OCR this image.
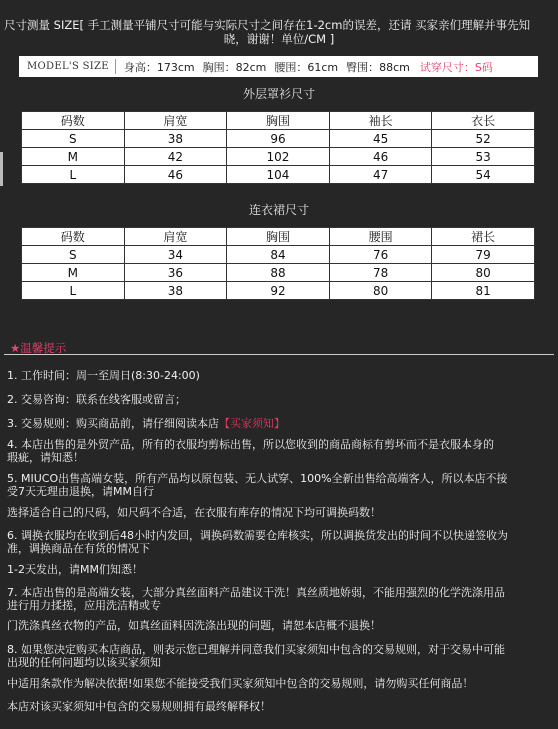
尺寸测量 SIZE[ 手工测量平铺尺寸可能与实际尺寸之间存在1-2cm的误差，还请 买家亲们理解并事先知
晓，谢谢！单位/CM ]
MODEL'S SIZE	身高：173cm 胸围：82cm 腰围：61cm 臀围：88cm 试穿尺寸：S码
外层罩衫尺寸
码数	肩宽	胸围	袖长	衣长
S	38	96	45	52
M	42	102	46	53
L	46	104	47	54
连衣裙尺寸
码数	肩宽	胸围	腰围	裙长
S	34	84	76	79
M	36	88	78	80
L	38	92	80	81
★温馨提示
1. 工作时间：周一至周日(8:30-24:00)
2. 交易咨询：联系在线客服或留言；
3. 交易规则：购买商品前，请仔细阅读本店【买家须知】
4. 本店出售的是外贸产品，所有的衣服均剪标出售，所以您收到的商品商标有剪坏而不是衣服本身的
瑕疵，请知悉！
5. MIUCO出售高端女装，所有产品均以原包装、无人试穿、100%全新出售给高端客人，所以本店不接
受7天无理由退换，请MM自行
选择适合自己的尺码，如尺码不合适，在衣服有库存的情况下均可调换码数！
6. 调换衣服均在收到后48小时内发回，调换码数需要仓库核实，所以调换货发出的时间不以快递签收为
准，调换商品在有货的情况下
1-2天发出，请MM们知悉！
7. 本店出售的是高端女装，大部分真丝面料产品建议干洗！真丝质地娇弱，不能用强烈的化学洗涤用品
进行用力揉搓，应用洗洁精或专
门洗涤真丝衣物的产品，如真丝面料因洗涤出现的问题，请恕本店概不退换！
8. 如果您决定购买本店商品，则表示您已理解并同意我们买家须知中包含的交易规则，对于交易中可能
出现的任何问题均以该买家须知
中适用条款作为解决依据!如果您不能接受我们买家须知中包含的交易规则，请勿购买任何商品！
本店对该买家须知中包含的交易规则拥有最终解释权！
